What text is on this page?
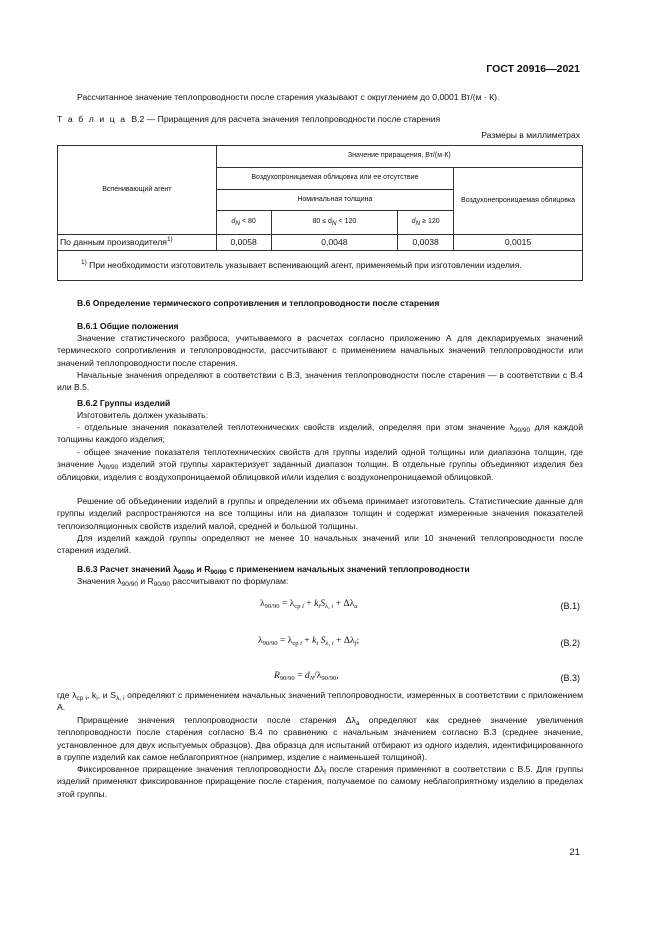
ГОСТ 20916—2021
Рассчитанное значение теплопроводности после старения указывают с округлением до 0,0001 Вт/(м · К).
Т а б л и ц а В.2 — Приращения для расчета значения теплопроводности после старения
Размеры в миллиметрах
Вспенивающий агент	Значение приращения, Вт/(м·К)			
	Воздухопроницаемая облицовка или ее отсутствие			Воздухонепроницаемая облицовка
	Номинальная толщина			
	$d_N < 80$	$80 \le d_N < 120$	$d_N \ge 120$	
По данным производителя$^{1)}$	0,0058	0,0048	0,0038	0,0015
$^{1)}$ При необходимости изготовитель указывает вспенивающий агент, применяемый при изготовлении изделия.				
В.6 Определение термического сопротивления и теплопроводности после старения
В.6.1 Общие положения
Значение статистического разброса, учитываемого в расчетах согласно приложению А для декларируемых значений термического сопротивления и теплопроводности, рассчитывают с применением начальных значений теплопроводности или значений теплопроводности после старения.
Начальные значения определяют в соответствии с В.3, значения теплопроводности после старения — в соответствии с В.4 или В.5.
В.6.2 Группы изделий
Изготовитель должен указывать:
- отдельные значения показателей теплотехнических свойств изделий, определяя при этом значение $\lambda_{90/90}$ для каждой толщины каждого изделия;
- общее значение показателя теплотехнических свойств для группы изделий одной толщины или диапазона толщин, где значение $\lambda_{90/90}$ изделий этой группы характеризует заданный диапазон толщин. В отдельные группы объединяют изделия без облицовки, изделия с воздухопроницаемой облицовкой и/или изделия с воздухонепроницаемой облицовкой.
Решение об объединении изделий в группы и определении их объема принимает изготовитель. Статистические данные для группы изделий распространяются на все толщины или на диапазон толщин и содержат измеренные значения показателей теплоизоляционных свойств изделий малой, средней и большой толщины.
Для изделий каждой группы определяют не менее 10 начальных значений или 10 значений теплопроводности после старения изделий.
В.6.3 Расчет значений $\lambda_{90/90}$ и $R_{90/90}$ с применением начальных значений теплопроводности
Значения $\lambda_{90/90}$ и $R_{90/90}$ рассчитывают по формулам:
$\lambda_{90/90} = \lambda_{ср i} + k_iS_{\lambda, i} + \Delta\lambda_a$	(В.1)
$\lambda_{90/90} = \lambda_{ср i} + k_i$ $S_{\lambda, i} + \Delta\lambda_f$;	(В.2)
$R_{90/90} = d_N/\lambda_{90/90}$,	(В.3)
где $\lambda_{ср i}$, $k_i$, и $S_{\lambda, i}$ определяют с применением начальных значений теплопроводности, измеренных в соответствии с приложением А.
Приращение значения теплопроводности после старения $\Delta\lambda_a$ определяют как среднее значение увеличения теплопроводности после старения согласно В.4 по сравнению с начальным значением согласно В.3 (среднее значение, установленное для двух испытуемых образцов). Два образца для испытаний отбирают из одного изделия, идентифицированного в группе изделий как самое неблагоприятное (например, изделие с наименьшей толщиной).
Фиксированное приращение значения теплопроводности $\Delta\lambda_f$ после старения применяют в соответствии с В.5. Для группы изделий применяют фиксированное приращение после старения, получаемое по самому неблагоприятному изделию в пределах этой группы.
21
